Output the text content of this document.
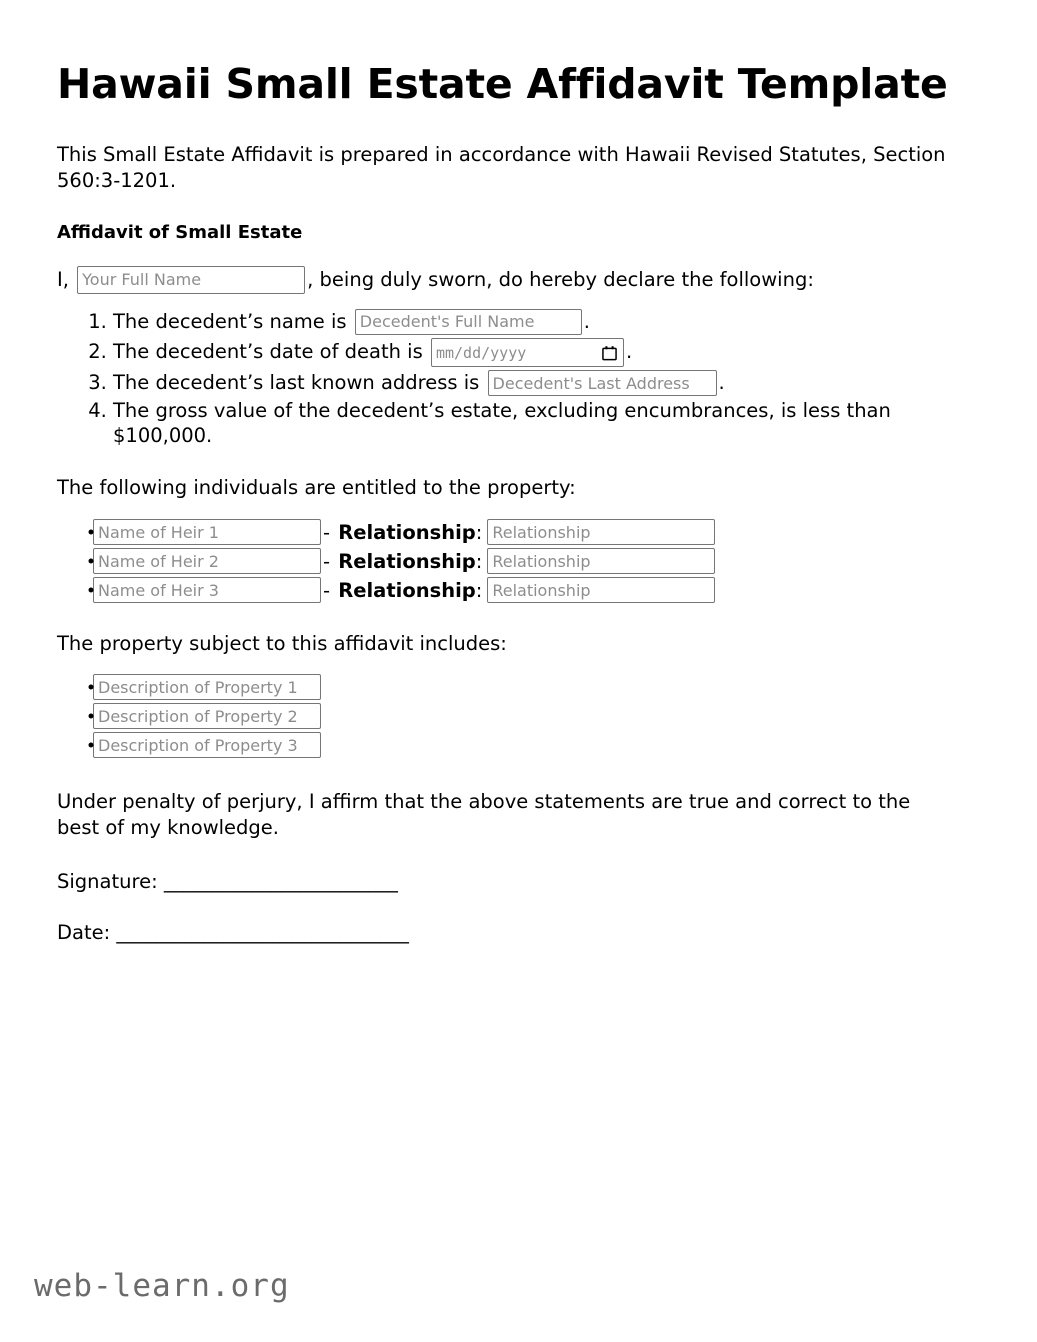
Hawaii Small Estate Affidavit Template

This Small Estate Affidavit is prepared in accordance with Hawaii Revised Statutes, Section 560:3-1201.

Affidavit of Small Estate
I,
Your Full Name	, being duly sworn, do hereby declare the following:
1. The decedent’s name is
Decedent's Full Name	.
2. The decedent’s date of death is
mm/dd/yyyy	.
3. The decedent’s last known address is
Decedent's Last Address	.
4. The gross value of the decedent’s estate, excluding encumbrances, is less than $100,000.

The following individuals are entitled to the property:

Name of Heir 1
- Relationship :
Relationship
Name of Heir 2
- Relationship :
Relationship
Name of Heir 3
- Relationship :
Relationship

The property subject to this affidavit includes:

Description of Property 1
Description of Property 2
Description of Property 3

Under penalty of perjury, I affirm that the above statements are true and correct to the best of my knowledge.

Signature: ________________________

Date: ______________________________

web-learn.org
